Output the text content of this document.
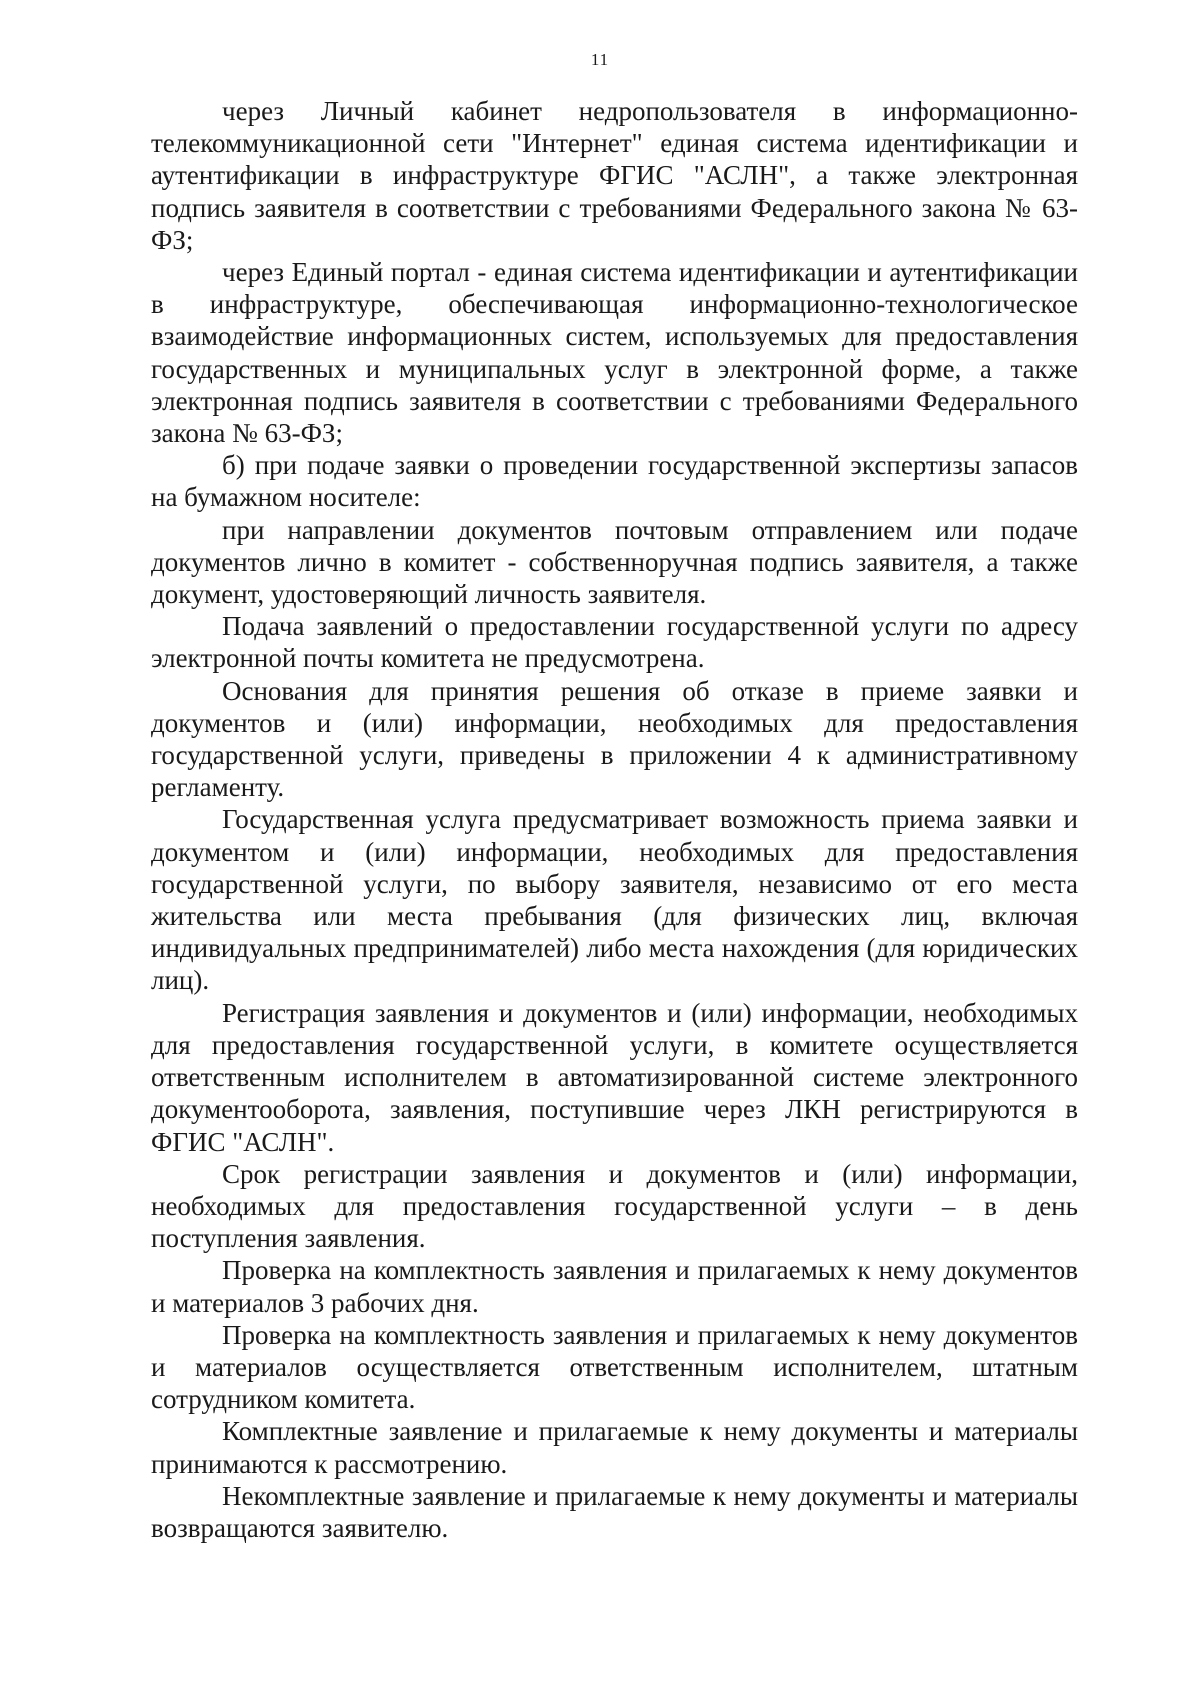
11

через Личный кабинет недропользователя в информационно-телекоммуникационной сети "Интернет" единая система идентификации и аутентификации в инфраструктуре ФГИС "АСЛН", а также электронная подпись заявителя в соответствии с требованиями Федерального закона № 63-ФЗ;

через Единый портал - единая система идентификации и аутентификации в инфраструктуре, обеспечивающая информационно-технологическое взаимодействие информационных систем, используемых для предоставления государственных и муниципальных услуг в электронной форме, а также электронная подпись заявителя в соответствии с требованиями Федерального закона № 63-ФЗ;

б) при подаче заявки о проведении государственной экспертизы запасов на бумажном носителе:

при направлении документов почтовым отправлением или подаче документов лично в комитет - собственноручная подпись заявителя, а также документ, удостоверяющий личность заявителя.

Подача заявлений о предоставлении государственной услуги по адресу электронной почты комитета не предусмотрена.

Основания для принятия решения об отказе в приеме заявки и документов и (или) информации, необходимых для предоставления государственной услуги, приведены в приложении 4 к административному регламенту.

Государственная услуга предусматривает возможность приема заявки и документом и (или) информации, необходимых для предоставления государственной услуги, по выбору заявителя, независимо от его места жительства или места пребывания (для физических лиц, включая индивидуальных предпринимателей) либо места нахождения (для юридических лиц).

Регистрация заявления и документов и (или) информации, необходимых для предоставления государственной услуги, в комитете осуществляется ответственным исполнителем в автоматизированной системе электронного документооборота, заявления, поступившие через ЛКН регистрируются в ФГИС "АСЛН".

Срок регистрации заявления и документов и (или) информации, необходимых для предоставления государственной услуги – в день поступления заявления.

Проверка на комплектность заявления и прилагаемых к нему документов и материалов 3 рабочих дня.

Проверка на комплектность заявления и прилагаемых к нему документов и материалов осуществляется ответственным исполнителем, штатным сотрудником комитета.

Комплектные заявление и прилагаемые к нему документы и материалы принимаются к рассмотрению.

Некомплектные заявление и прилагаемые к нему документы и материалы возвращаются заявителю.
